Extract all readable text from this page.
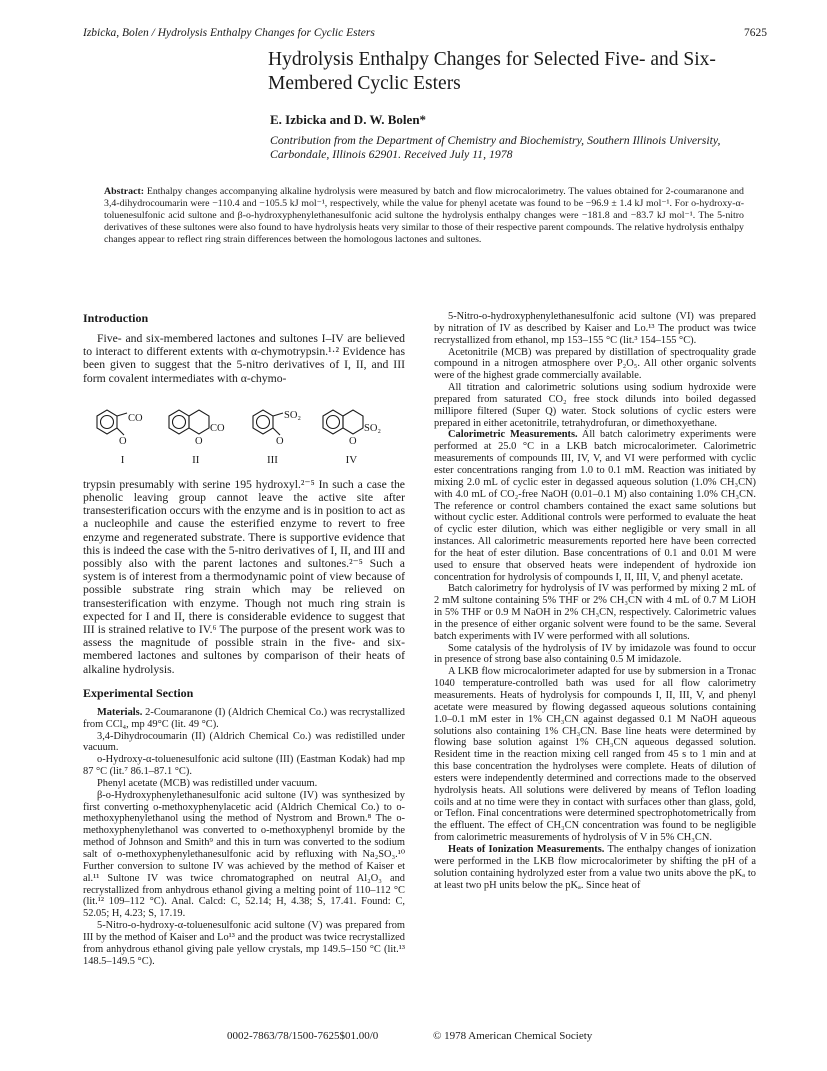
Izbicka, Bolen / Hydrolysis Enthalpy Changes for Cyclic Esters	7625
Hydrolysis Enthalpy Changes for Selected Five- and Six-Membered Cyclic Esters
E. Izbicka and D. W. Bolen*
Contribution from the Department of Chemistry and Biochemistry, Southern Illinois University, Carbondale, Illinois 62901. Received July 11, 1978
Abstract: Enthalpy changes accompanying alkaline hydrolysis were measured by batch and flow microcalorimetry. The values obtained for 2-coumaranone and 3,4-dihydrocoumarin were −110.4 and −105.5 kJ mol⁻¹, respectively, while the value for phenyl acetate was found to be −96.9 ± 1.4 kJ mol⁻¹. For o-hydroxy-α-toluenesulfonic acid sultone and β-o-hydroxyphenylethanesulfonic acid sultone the hydrolysis enthalpy changes were −181.8 and −83.7 kJ mol⁻¹. The 5-nitro derivatives of these sultones were also found to have hydrolysis heats very similar to those of their respective parent compounds. The relative hydrolysis enthalpy changes appear to reflect ring strain differences between the homologous lactones and sultones.
Introduction

Five- and six-membered lactones and sultones I–IV are believed to interact to different extents with α-chymotrypsin.¹·² Evidence has been given to suggest that the 5-nitro derivatives of I, II, and III form covalent intermediates with α-chymo-

CO
O
CO
O
SO₂
O
SO₂
O
I	II	III	IV

trypsin presumably with serine 195 hydroxyl.²⁻⁵ In such a case the phenolic leaving group cannot leave the active site after transesterification occurs with the enzyme and is in position to act as a nucleophile and cause the esterified enzyme to revert to free enzyme and regenerated substrate. There is supportive evidence that this is indeed the case with the 5-nitro derivatives of I, II, and III and possibly also with the parent lactones and sultones.²⁻⁵ Such a system is of interest from a thermodynamic point of view because of possible substrate ring strain which may be relieved on transesterification with enzyme. Though not much ring strain is expected for I and II, there is considerable evidence to suggest that III is strained relative to IV.⁶ The purpose of the present work was to assess the magnitude of possible strain in the five- and six-membered lactones and sultones by comparison of their heats of alkaline hydrolysis.

Experimental Section

Materials. 2-Coumaranone (I) (Aldrich Chemical Co.) was recrystallized from CCl₄, mp 49°C (lit. 49 °C).

3,4-Dihydrocoumarin (II) (Aldrich Chemical Co.) was redistilled under vacuum.

o-Hydroxy-α-toluenesulfonic acid sultone (III) (Eastman Kodak) had mp 87 °C (lit.⁷ 86.1–87.1 °C).

Phenyl acetate (MCB) was redistilled under vacuum.

β-o-Hydroxyphenylethanesulfonic acid sultone (IV) was synthesized by first converting o-methoxyphenylacetic acid (Aldrich Chemical Co.) to o-methoxyphenylethanol using the method of Nystrom and Brown.⁸ The o-methoxyphenylethanol was converted to o-methoxyphenyl bromide by the method of Johnson and Smith⁹ and this in turn was converted to the sodium salt of o-methoxyphenylethanesulfonic acid by refluxing with Na₂SO₃.¹⁰ Further conversion to sultone IV was achieved by the method of Kaiser et al.¹¹ Sultone IV was twice chromatographed on neutral Al₂O₃ and recrystallized from anhydrous ethanol giving a melting point of 110–112 °C (lit.¹² 109–112 °C). Anal. Calcd: C, 52.14; H, 4.38; S, 17.41. Found: C, 52.05; H, 4.23; S, 17.19.

5-Nitro-o-hydroxy-α-toluenesulfonic acid sultone (V) was prepared from III by the method of Kaiser and Lo¹³ and the product was twice recrystallized from anhydrous ethanol giving pale yellow crystals, mp 149.5–150 °C (lit.¹³ 148.5–149.5 °C).

5-Nitro-o-hydroxyphenylethanesulfonic acid sultone (VI) was prepared by nitration of IV as described by Kaiser and Lo.¹³ The product was twice recrystallized from ethanol, mp 153–155 °C (lit.³ 154–155 °C).

Acetonitrile (MCB) was prepared by distillation of spectroquality grade compound in a nitrogen atmosphere over P₂O₅. All other organic solvents were of the highest grade commercially available.

All titration and calorimetric solutions using sodium hydroxide were prepared from saturated CO₂ free stock dilunds into boiled degassed millipore filtered (Super Q) water. Stock solutions of cyclic esters were prepared in either acetonitrile, tetrahydrofuran, or dimethoxyethane.

Calorimetric Measurements. All batch calorimetry experiments were performed at 25.0 °C in a LKB batch microcalorimeter. Calorimetric measurements of compounds III, IV, V, and VI were performed with cyclic ester concentrations ranging from 1.0 to 0.1 mM. Reaction was initiated by mixing 2.0 mL of cyclic ester in degassed aqueous solution (1.0% CH₃CN) with 4.0 mL of CO₂-free NaOH (0.01–0.1 M) also containing 1.0% CH₃CN. The reference or control chambers contained the exact same solutions but without cyclic ester. Additional controls were performed to evaluate the heat of cyclic ester dilution, which was either negligible or very small in all instances. All calorimetric measurements reported here have been corrected for the heat of ester dilution. Base concentrations of 0.1 and 0.01 M were used to ensure that observed heats were independent of hydroxide ion concentration for hydrolysis of compounds I, II, III, V, and phenyl acetate.

Batch calorimetry for hydrolysis of IV was performed by mixing 2 mL of 2 mM sultone containing 5% THF or 2% CH₃CN with 4 mL of 0.7 M LiOH in 5% THF or 0.9 M NaOH in 2% CH₃CN, respectively. Calorimetric values in the presence of either organic solvent were found to be the same. Several batch experiments with IV were performed with all solutions.

Some catalysis of the hydrolysis of IV by imidazole was found to occur in presence of strong base also containing 0.5 M imidazole.

A LKB flow microcalorimeter adapted for use by submersion in a Tronac 1040 temperature-controlled bath was used for all flow calorimetry measurements. Heats of hydrolysis for compounds I, II, III, V, and phenyl acetate were measured by flowing degassed aqueous solutions containing 1.0–0.1 mM ester in 1% CH₃CN against degassed 0.1 M NaOH aqueous solutions also containing 1% CH₃CN. Base line heats were determined by flowing base solution against 1% CH₃CN aqueous degassed solution. Resident time in the reaction mixing cell ranged from 45 s to 1 min and at this base concentration the hydrolyses were complete. Heats of dilution of esters were independently determined and corrections made to the observed hydrolysis heats. All solutions were delivered by means of Teflon loading coils and at no time were they in contact with surfaces other than glass, gold, or Teflon. Final concentrations were determined spectrophotometrically from the effluent. The effect of CH₃CN concentration was found to be negligible from calorimetric measurements of hydrolysis of V in 5% CH₃CN.

Heats of Ionization Measurements. The enthalpy changes of ionization were performed in the LKB flow microcalorimeter by shifting the pH of a solution containing hydrolyzed ester from a value two units above the pKₐ to at least two pH units below the pKₐ. Since heat of

0002-7863/78/1500-7625$01.00/0	© 1978 American Chemical Society
